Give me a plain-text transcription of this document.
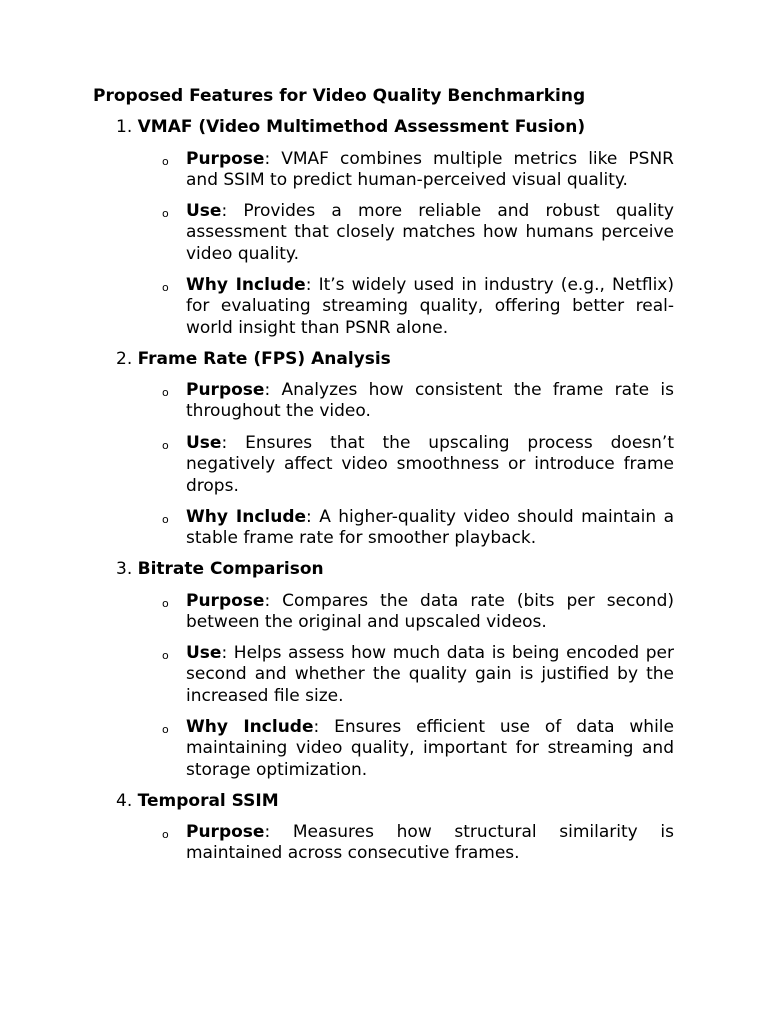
Proposed Features for Video Quality Benchmarking
1. VMAF (Video Multimethod Assessment Fusion)
o Purpose: VMAF combines multiple metrics like PSNR and SSIM to predict human-perceived visual quality.
o Use: Provides a more reliable and robust quality assessment that closely matches how humans perceive video quality.
o Why Include: It’s widely used in industry (e.g., Netflix) for evaluating streaming quality, offering better real-world insight than PSNR alone.
2. Frame Rate (FPS) Analysis
o Purpose: Analyzes how consistent the frame rate is throughout the video.
o Use: Ensures that the upscaling process doesn’t negatively affect video smoothness or introduce frame drops.
o Why Include: A higher-quality video should maintain a stable frame rate for smoother playback.
3. Bitrate Comparison
o Purpose: Compares the data rate (bits per second) between the original and upscaled videos.
o Use: Helps assess how much data is being encoded per second and whether the quality gain is justified by the increased file size.
o Why Include: Ensures efficient use of data while maintaining video quality, important for streaming and storage optimization.
4. Temporal SSIM
o Purpose: Measures how structural similarity is maintained across consecutive frames.
